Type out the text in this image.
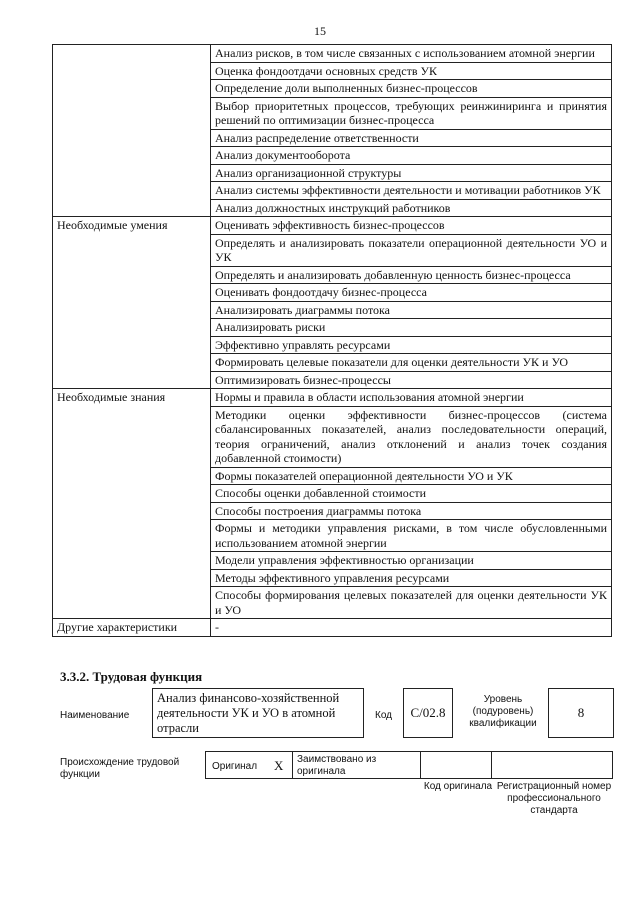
15
	Анализ рисков, в том числе связанных с использованием атомной энергии
	Оценка фондоотдачи основных средств УК
	Определение доли выполненных бизнес-процессов
	Выбор приоритетных процессов, требующих реинжиниринга и принятия решений по оптимизации бизнес-процесса
	Анализ распределение ответственности
	Анализ документооборота
	Анализ организационной структуры
	Анализ системы эффективности деятельности и мотивации работников УК
	Анализ должностных инструкций работников
Необходимые умения	Оценивать эффективность бизнес-процессов
	Определять и анализировать показатели операционной деятельности УО и УК
	Определять и анализировать добавленную ценность бизнес-процесса
	Оценивать фондоотдачу бизнес-процесса
	Анализировать диаграммы потока
	Анализировать риски
	Эффективно управлять ресурсами
	Формировать целевые показатели для оценки деятельности УК и УО
	Оптимизировать бизнес-процессы
Необходимые знания	Нормы и правила в области использования атомной энергии
	Методики оценки эффективности бизнес-процессов (система сбалансированных показателей, анализ последовательности операций, теория ограничений, анализ отклонений и анализ точек создания добавленной стоимости)
	Формы показателей операционной деятельности УО и УК
	Способы оценки добавленной стоимости
	Способы построения диаграммы потока
	Формы и методики управления рисками, в том числе обусловленными использованием атомной энергии
	Модели управления эффективностью организации
	Методы эффективного управления ресурсами
	Способы формирования целевых показателей для оценки деятельности УК и УО
Другие характеристики	-
3.3.2. Трудовая функция
Наименование
Анализ финансово-хозяйственной деятельности УК и УО в атомной отрасли
Код	С/02.8
Уровень (подуровень) квалификации
8
Происхождение трудовой функции
Оригинал X Заимствовано из оригинала
Код оригинала Регистрационный номер профессионального стандарта
